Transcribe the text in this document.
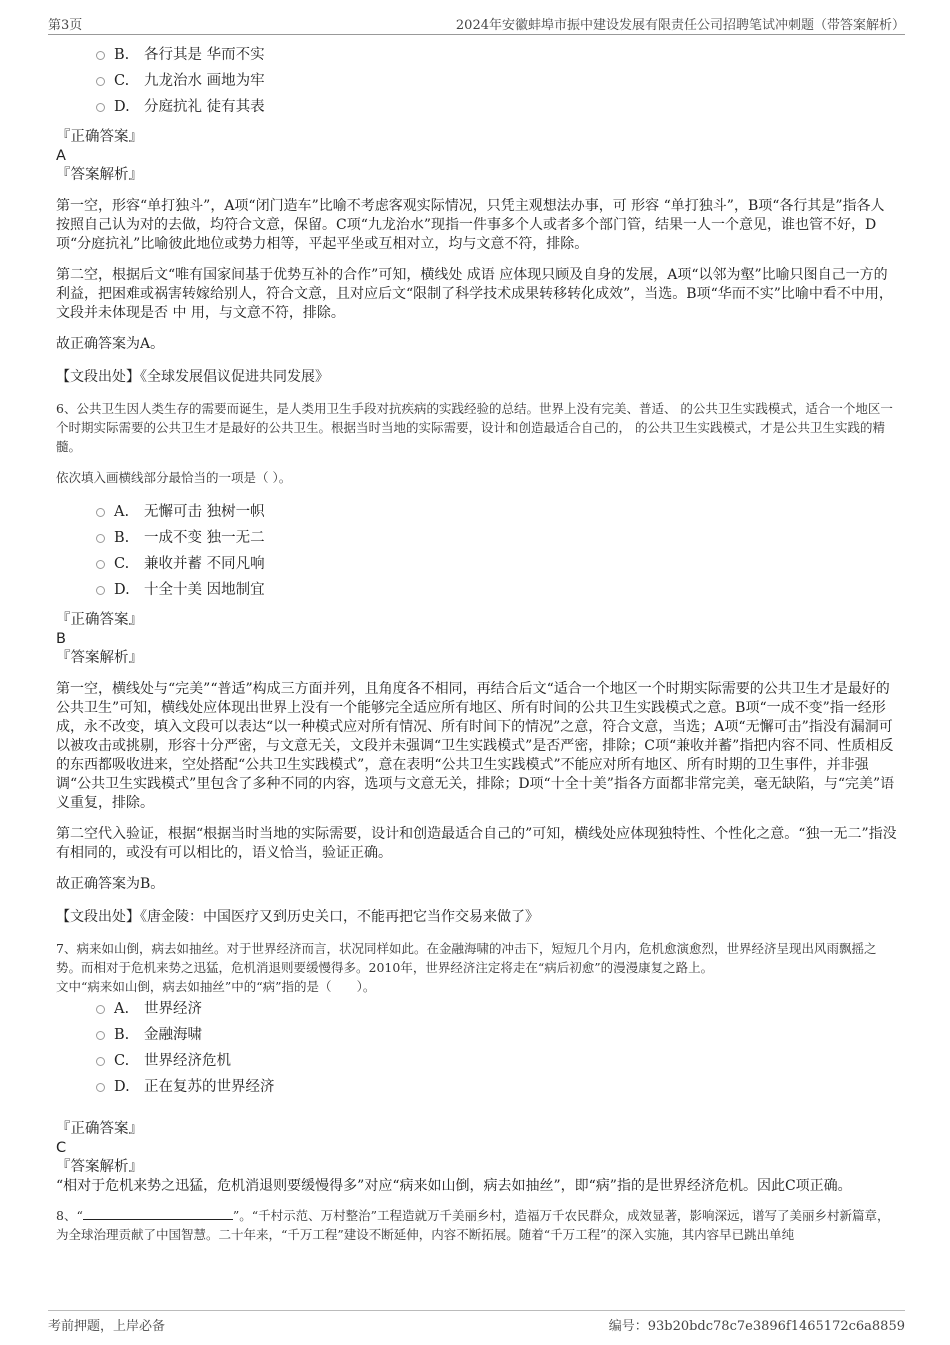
第3页	2024年安徽蚌埠市振中建设发展有限责任公司招聘笔试冲刺题（带答案解析）
B. 各行其是 华而不实
C. 九龙治水 画地为牢
D. 分庭抗礼 徒有其表
『正确答案』
A
『答案解析』

第一空，形容“单打独斗”，A项“闭门造车”比喻不考虑客观实际情况，只凭主观想法办事，可 形容 “单打独斗”，B项“各行其是”指各人按照自己认为对的去做，均符合文意，保留。C项“九龙治水”现指一件事多个人或者多个部门管，结果一人一个意见，谁也管不好，D项“分庭抗礼”比喻彼此地位或势力相等，平起平坐或互相对立，均与文意不符，排除。

第二空，根据后文“唯有国家间基于优势互补的合作”可知，横线处 成语 应体现只顾及自身的发展，A项“以邻为壑”比喻只图自己一方的利益，把困难或祸害转嫁给别人，符合文意，且对应后文“限制了科学技术成果转移转化成效”，当选。B项“华而不实”比喻中看不中用，文段并未体现是否 中 用，与文意不符，排除。

故正确答案为A。

【文段出处】《全球发展倡议促进共同发展》
6、公共卫生因人类生存的需要而诞生，是人类用卫生手段对抗疾病的实践经验的总结。世界上没有完美、普适、 的公共卫生实践模式，适合一个地区一个时期实际需要的公共卫生才是最好的公共卫生。根据当时当地的实际需要，设计和创造最适合自己的， 的公共卫生实践模式，才是公共卫生实践的精髓。
依次填入画横线部分最恰当的一项是（ ）。
A. 无懈可击 独树一帜
B. 一成不变 独一无二
C. 兼收并蓄 不同凡响
D. 十全十美 因地制宜
『正确答案』
B
『答案解析』

第一空，横线处与“完美”“普适”构成三方面并列，且角度各不相同，再结合后文“适合一个地区一个时期实际需要的公共卫生才是最好的公共卫生”可知，横线处应体现出世界上没有一个能够完全适应所有地区、所有时间的公共卫生实践模式之意。B项“一成不变”指一经形成，永不改变，填入文段可以表达“以一种模式应对所有情况、所有时间下的情况”之意，符合文意，当选；A项“无懈可击”指没有漏洞可以被攻击或挑剔，形容十分严密，与文意无关，文段并未强调“卫生实践模式”是否严密，排除；C项“兼收并蓄”指把内容不同、性质相反的东西都吸收进来，空处搭配“公共卫生实践模式”，意在表明“公共卫生实践模式”不能应对所有地区、所有时期的卫生事件，并非强调“公共卫生实践模式”里包含了多种不同的内容，选项与文意无关，排除；D项“十全十美”指各方面都非常完美，毫无缺陷，与“完美”语义重复，排除。

第二空代入验证，根据“根据当时当地的实际需要，设计和创造最适合自己的”可知，横线处应体现独特性、个性化之意。“独一无二”指没有相同的，或没有可以相比的，语义恰当，验证正确。

故正确答案为B。

【文段出处】《唐金陵：中国医疗又到历史关口，不能再把它当作交易来做了》
7、病来如山倒，病去如抽丝。对于世界经济而言，状况同样如此。在金融海啸的冲击下，短短几个月内，危机愈演愈烈，世界经济呈现出风雨飘摇之势。而相对于危机来势之迅猛，危机消退则要缓慢得多。2010年，世界经济注定将走在“病后初愈”的漫漫康复之路上。
文中“病来如山倒，病去如抽丝”中的“病”指的是（　　）。
A. 世界经济
B. 金融海啸
C. 世界经济危机
D. 正在复苏的世界经济
『正确答案』
C
『答案解析』

“相对于危机来势之迅猛，危机消退则要缓慢得多”对应“病来如山倒，病去如抽丝”，即“病”指的是世界经济危机。因此C项正确。

8、“	”。“千村示范、万村整治”工程造就万千美丽乡村，造福万千农民群众，成效显著，影响深远，谱写了美丽乡村新篇章，为全球治理贡献了中国智慧。二十年来，“千万工程”建设不断延伸，内容不断拓展。随着“千万工程”的深入实施，其内容早已跳出单纯
考前押题，上岸必备	编号：93b20bdc78c7e3896f1465172c6a8859
